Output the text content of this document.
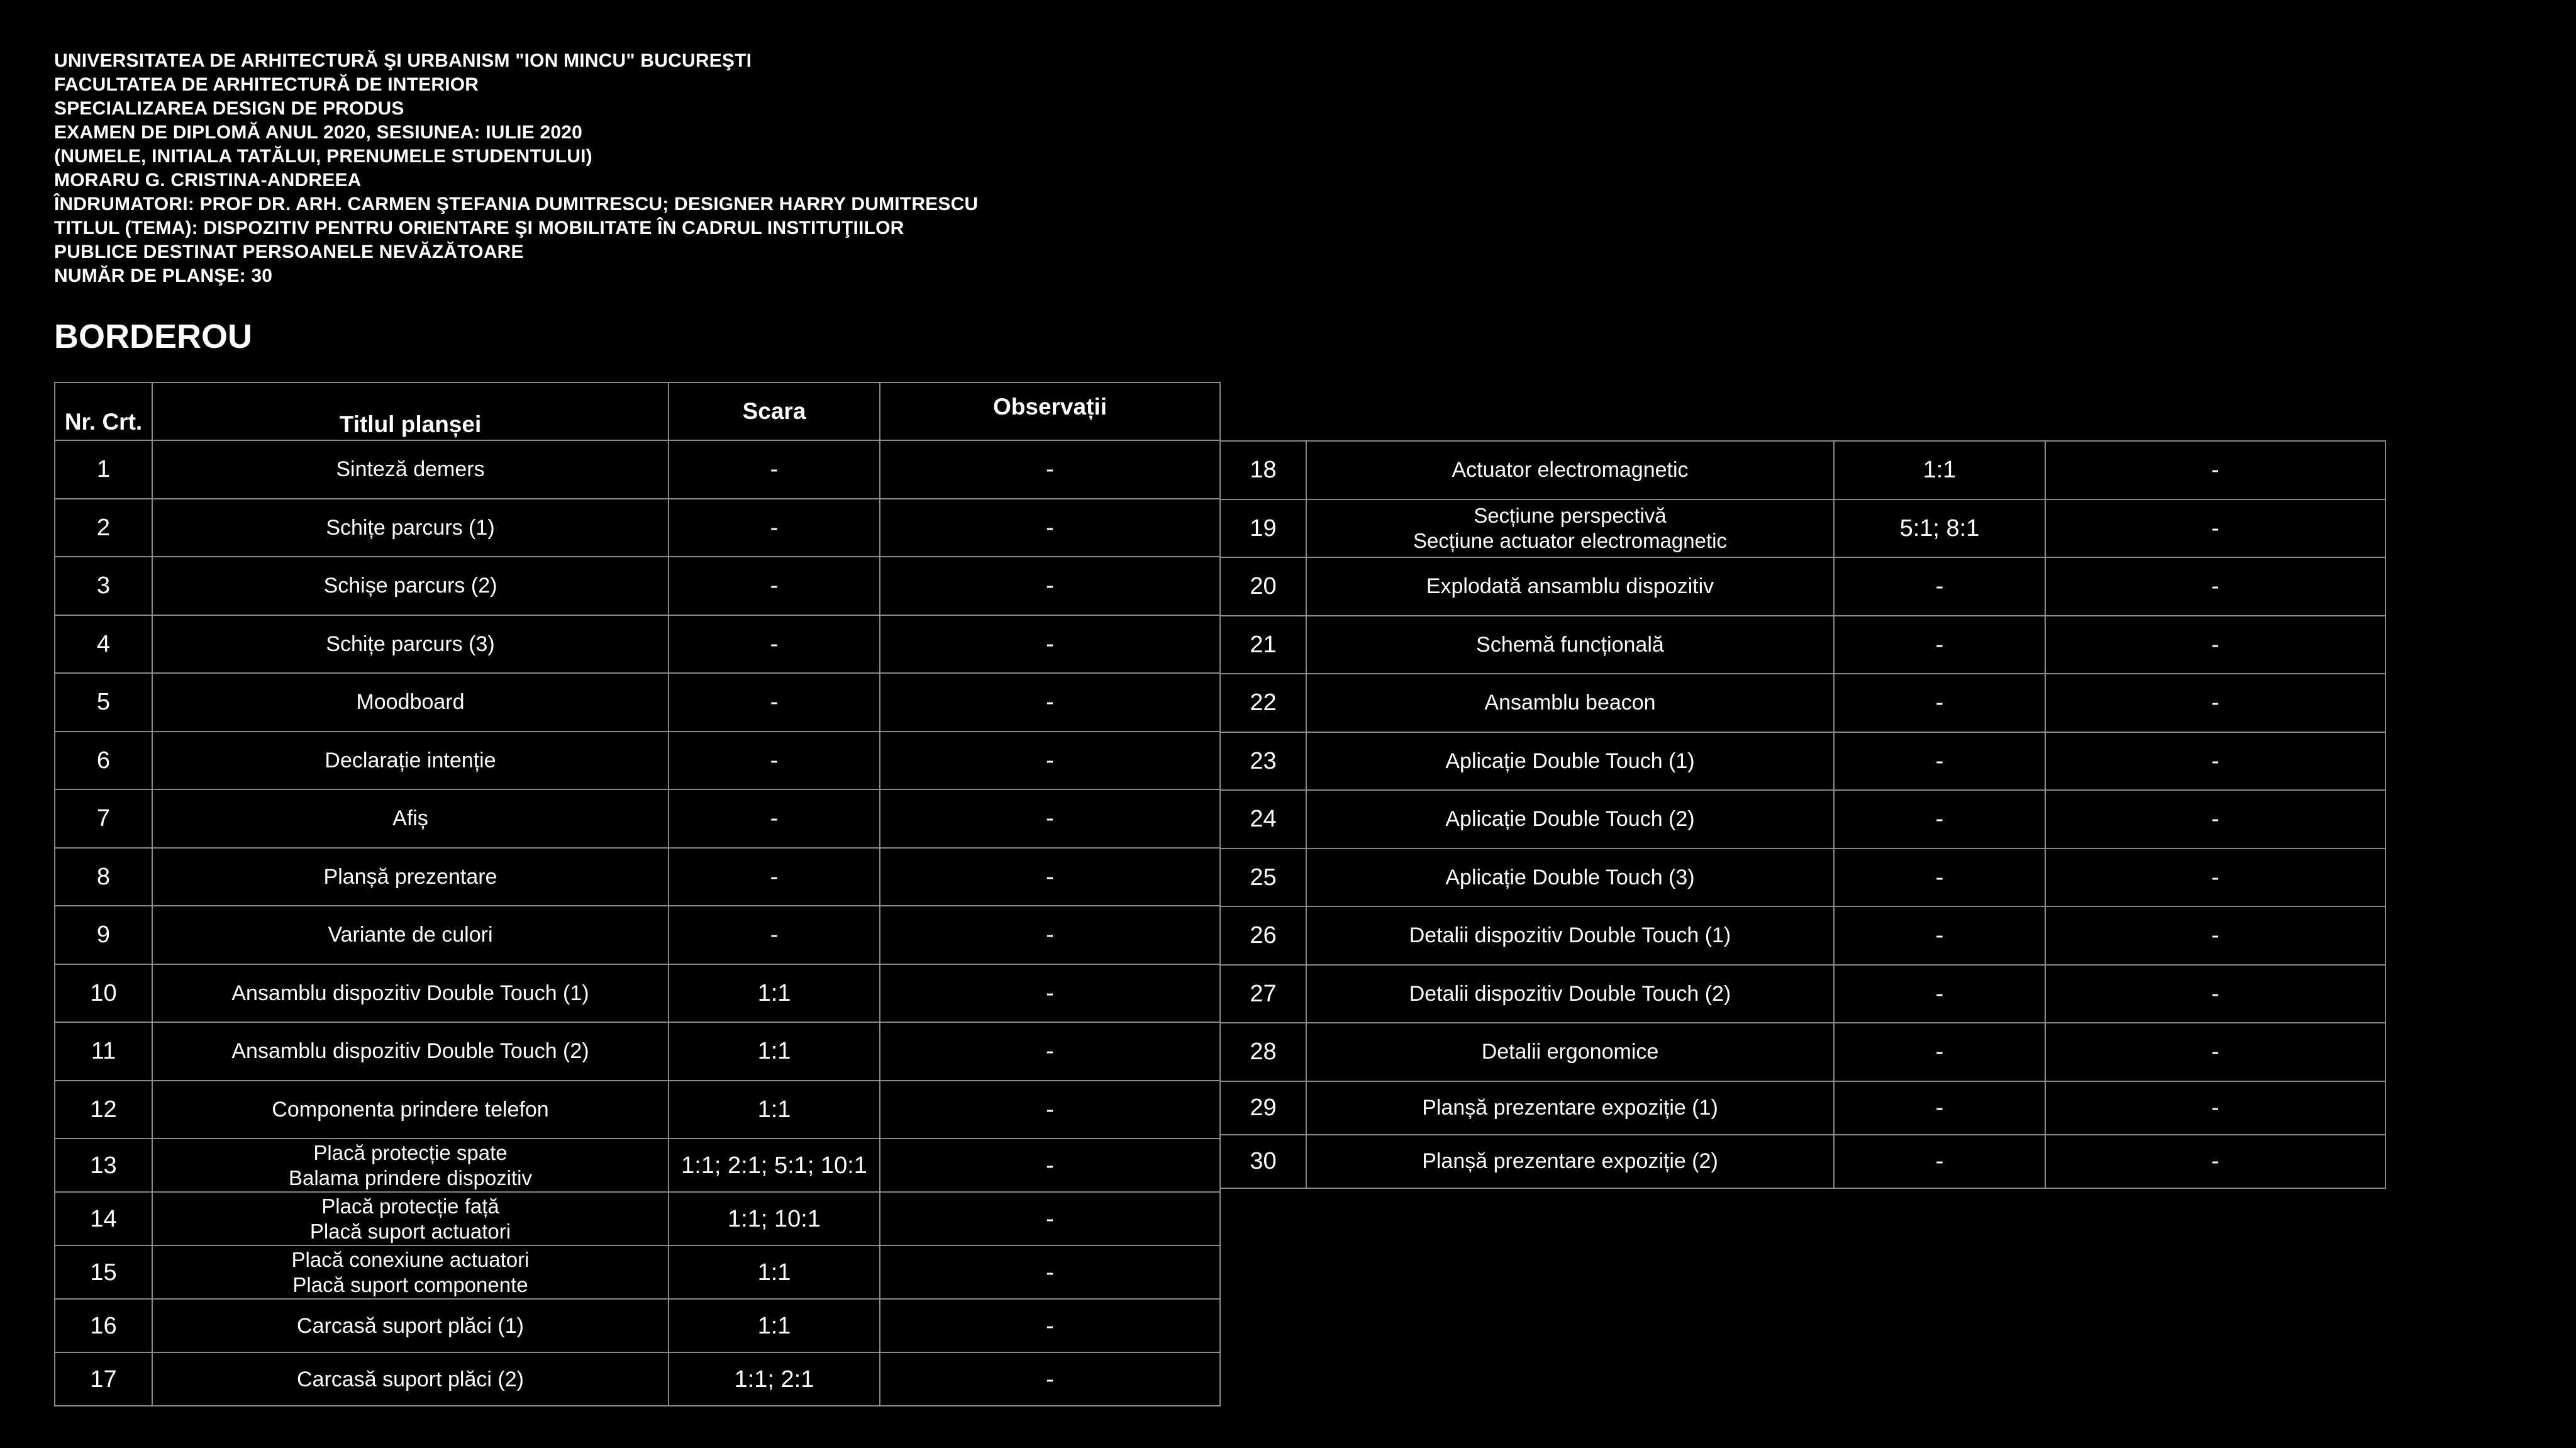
UNIVERSITATEA DE ARHITECTURĂ ŞI URBANISM "ION MINCU" BUCUREŞTI
FACULTATEA DE ARHITECTURĂ DE INTERIOR
SPECIALIZAREA DESIGN DE PRODUS
EXAMEN DE DIPLOMĂ ANUL 2020, SESIUNEA: IULIE 2020
(NUMELE, INITIALA TATĂLUI, PRENUMELE STUDENTULUI)
MORARU G. CRISTINA-ANDREEA
ÎNDRUMATORI: PROF DR. ARH. CARMEN ŞTEFANIA DUMITRESCU; DESIGNER HARRY DUMITRESCU
TITLUL (TEMA): DISPOZITIV PENTRU ORIENTARE ŞI MOBILITATE ÎN CADRUL INSTITUŢIILOR
PUBLICE DESTINAT PERSOANELE NEVĂZĂTOARE
NUMĂR DE PLANŞE: 30
BORDEROU
Nr. Crt.	Titlul planșei	Scara	Observații
1	Sinteză demers	-	-
2	Schițe parcurs (1)	-	-
3	Schișe parcurs (2)	-	-
4	Schițe parcurs (3)	-	-
5	Moodboard	-	-
6	Declarație intenție	-	-
7	Afiș	-	-
8	Planșă prezentare	-	-
9	Variante de culori	-	-
10	Ansamblu dispozitiv Double Touch (1)	1:1	-
11	Ansamblu dispozitiv Double Touch (2)	1:1	-
12	Componenta prindere telefon	1:1	-
13	Placă protecție spate
Balama prindere dispozitiv	1:1; 2:1; 5:1; 10:1	-
14	Placă protecție față
Placă suport actuatori	1:1; 10:1	-
15	Placă conexiune actuatori
Placă suport componente	1:1	-
16	Carcasă suport plăci (1)	1:1	-
17	Carcasă suport plăci (2)	1:1; 2:1	-
18	Actuator electromagnetic	1:1	-
19	Secțiune perspectivă
Secțiune actuator electromagnetic	5:1; 8:1	-
20	Explodată ansamblu dispozitiv	-	-
21	Schemă funcțională	-	-
22	Ansamblu beacon	-	-
23	Aplicație Double Touch (1)	-	-
24	Aplicație Double Touch (2)	-	-
25	Aplicație Double Touch (3)	-	-
26	Detalii dispozitiv Double Touch (1)	-	-
27	Detalii dispozitiv Double Touch (2)	-	-
28	Detalii ergonomice	-	-
29	Planșă prezentare expoziție (1)	-	-
30	Planșă prezentare expoziție (2)	-	-
